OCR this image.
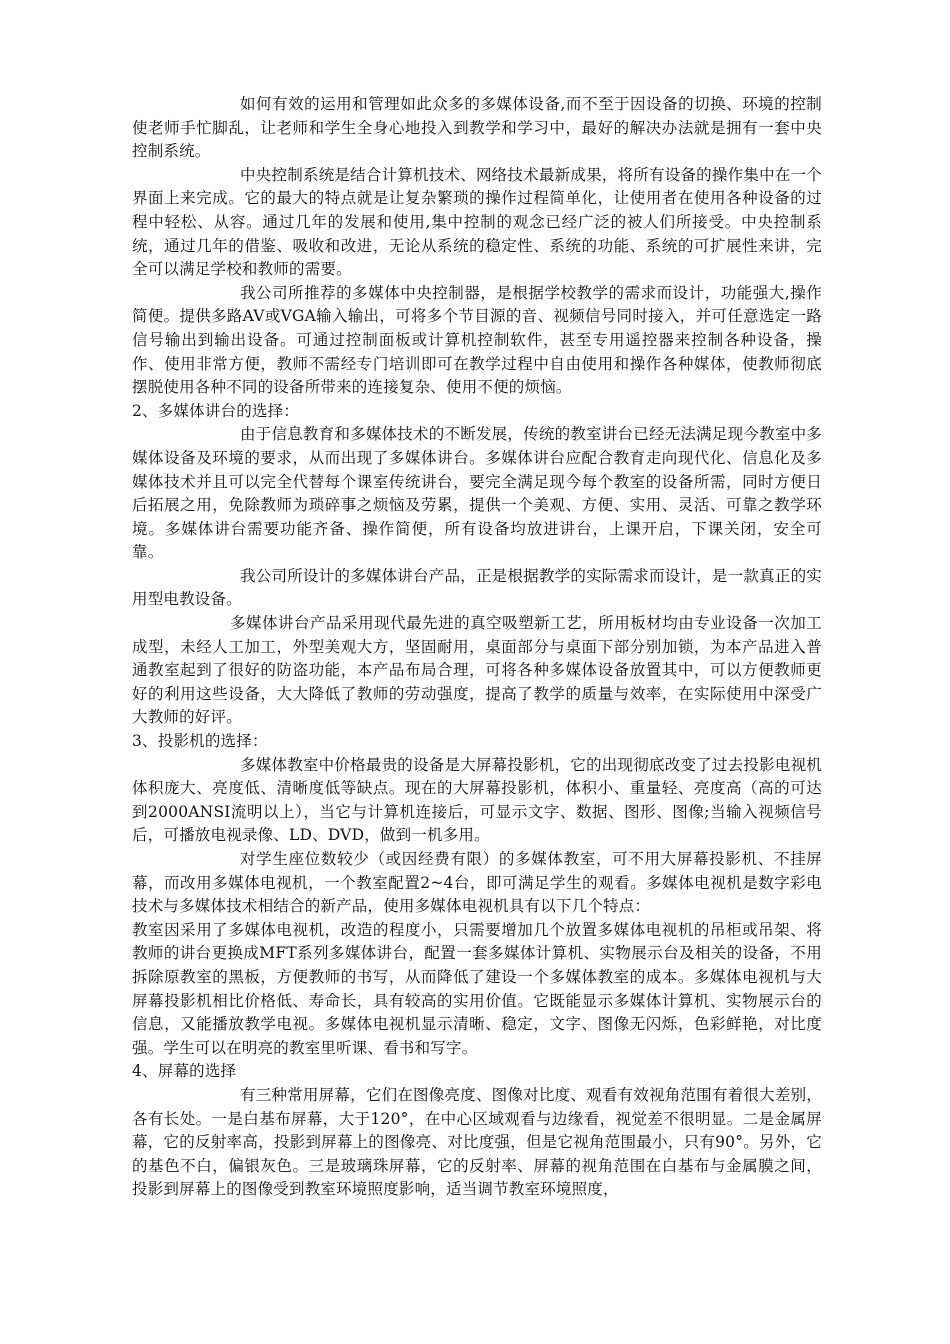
如何有效的运用和管理如此众多的多媒体设备,而不至于因设备的切换、环境的控制使老师手忙脚乱，让老师和学生全身心地投入到教学和学习中，最好的解决办法就是拥有一套中央控制系统。

中央控制系统是结合计算机技术、网络技术最新成果，将所有设备的操作集中在一个界面上来完成。它的最大的特点就是让复杂繁琐的操作过程简单化，让使用者在使用各种设备的过程中轻松、从容。通过几年的发展和使用,集中控制的观念已经广泛的被人们所接受。中央控制系统，通过几年的借鉴、吸收和改进，无论从系统的稳定性、系统的功能、系统的可扩展性来讲，完全可以满足学校和教师的需要。

我公司所推荐的多媒体中央控制器，是根据学校教学的需求而设计，功能强大,操作简便。提供多路AV或VGA输入输出，可将多个节目源的音、视频信号同时接入，并可任意选定一路信号输出到输出设备。可通过控制面板或计算机控制软件，甚至专用遥控器来控制各种设备，操作、使用非常方便，教师不需经专门培训即可在教学过程中自由使用和操作各种媒体，使教师彻底摆脱使用各种不同的设备所带来的连接复杂、使用不便的烦恼。

2、多媒体讲台的选择：

由于信息教育和多媒体技术的不断发展，传统的教室讲台已经无法满足现今教室中多媒体设备及环境的要求，从而出现了多媒体讲台。多媒体讲台应配合教育走向现代化、信息化及多媒体技术并且可以完全代替每个课室传统讲台，要完全满足现今每个教室的设备所需，同时方便日后拓展之用，免除教师为琐碎事之烦恼及劳累，提供一个美观、方便、实用、灵活、可靠之教学环境。多媒体讲台需要功能齐备、操作简便，所有设备均放进讲台，上课开启，下课关闭，安全可靠。

我公司所设计的多媒体讲台产品，正是根据教学的实际需求而设计，是一款真正的实用型电教设备。

多媒体讲台产品采用现代最先进的真空吸塑新工艺，所用板材均由专业设备一次加工成型，未经人工加工，外型美观大方，坚固耐用，桌面部分与桌面下部分别加锁，为本产品进入普通教室起到了很好的防盗功能，本产品布局合理，可将各种多媒体设备放置其中，可以方便教师更好的利用这些设备，大大降低了教师的劳动强度，提高了教学的质量与效率，在实际使用中深受广大教师的好评。

3、投影机的选择：

多媒体教室中价格最贵的设备是大屏幕投影机，它的出现彻底改变了过去投影电视机体积庞大、亮度低、清晰度低等缺点。现在的大屏幕投影机，体积小、重量轻、亮度高（高的可达到2000ANSI流明以上），当它与计算机连接后，可显示文字、数据、图形、图像;当输入视频信号后，可播放电视录像、LD、DVD，做到一机多用。

对学生座位数较少（或因经费有限）的多媒体教室，可不用大屏幕投影机、不挂屏幕，而改用多媒体电视机，一个教室配置2~4台，即可满足学生的观看。多媒体电视机是数字彩电技术与多媒体技术相结合的新产品，使用多媒体电视机具有以下几个特点：

教室因采用了多媒体电视机，改造的程度小，只需要增加几个放置多媒体电视机的吊柜或吊架、将教师的讲台更换成MFT系列多媒体讲台，配置一套多媒体计算机、实物展示台及相关的设备，不用拆除原教室的黑板，方便教师的书写，从而降低了建设一个多媒体教室的成本。多媒体电视机与大屏幕投影机相比价格低、寿命长，具有较高的实用价值。它既能显示多媒体计算机、实物展示台的信息，又能播放教学电视。多媒体电视机显示清晰、稳定，文字、图像无闪烁，色彩鲜艳，对比度强。学生可以在明亮的教室里听课、看书和写字。

4、屏幕的选择

有三种常用屏幕，它们在图像亮度、图像对比度、观看有效视角范围有着很大差别，各有长处。一是白基布屏幕，大于120°，在中心区域观看与边缘看，视觉差不很明显。二是金属屏幕，它的反射率高，投影到屏幕上的图像亮、对比度强，但是它视角范围最小，只有90°。另外，它的基色不白，偏银灰色。三是玻璃珠屏幕，它的反射率、屏幕的视角范围在白基布与金属膜之间，投影到屏幕上的图像受到教室环境照度影响，适当调节教室环境照度，
